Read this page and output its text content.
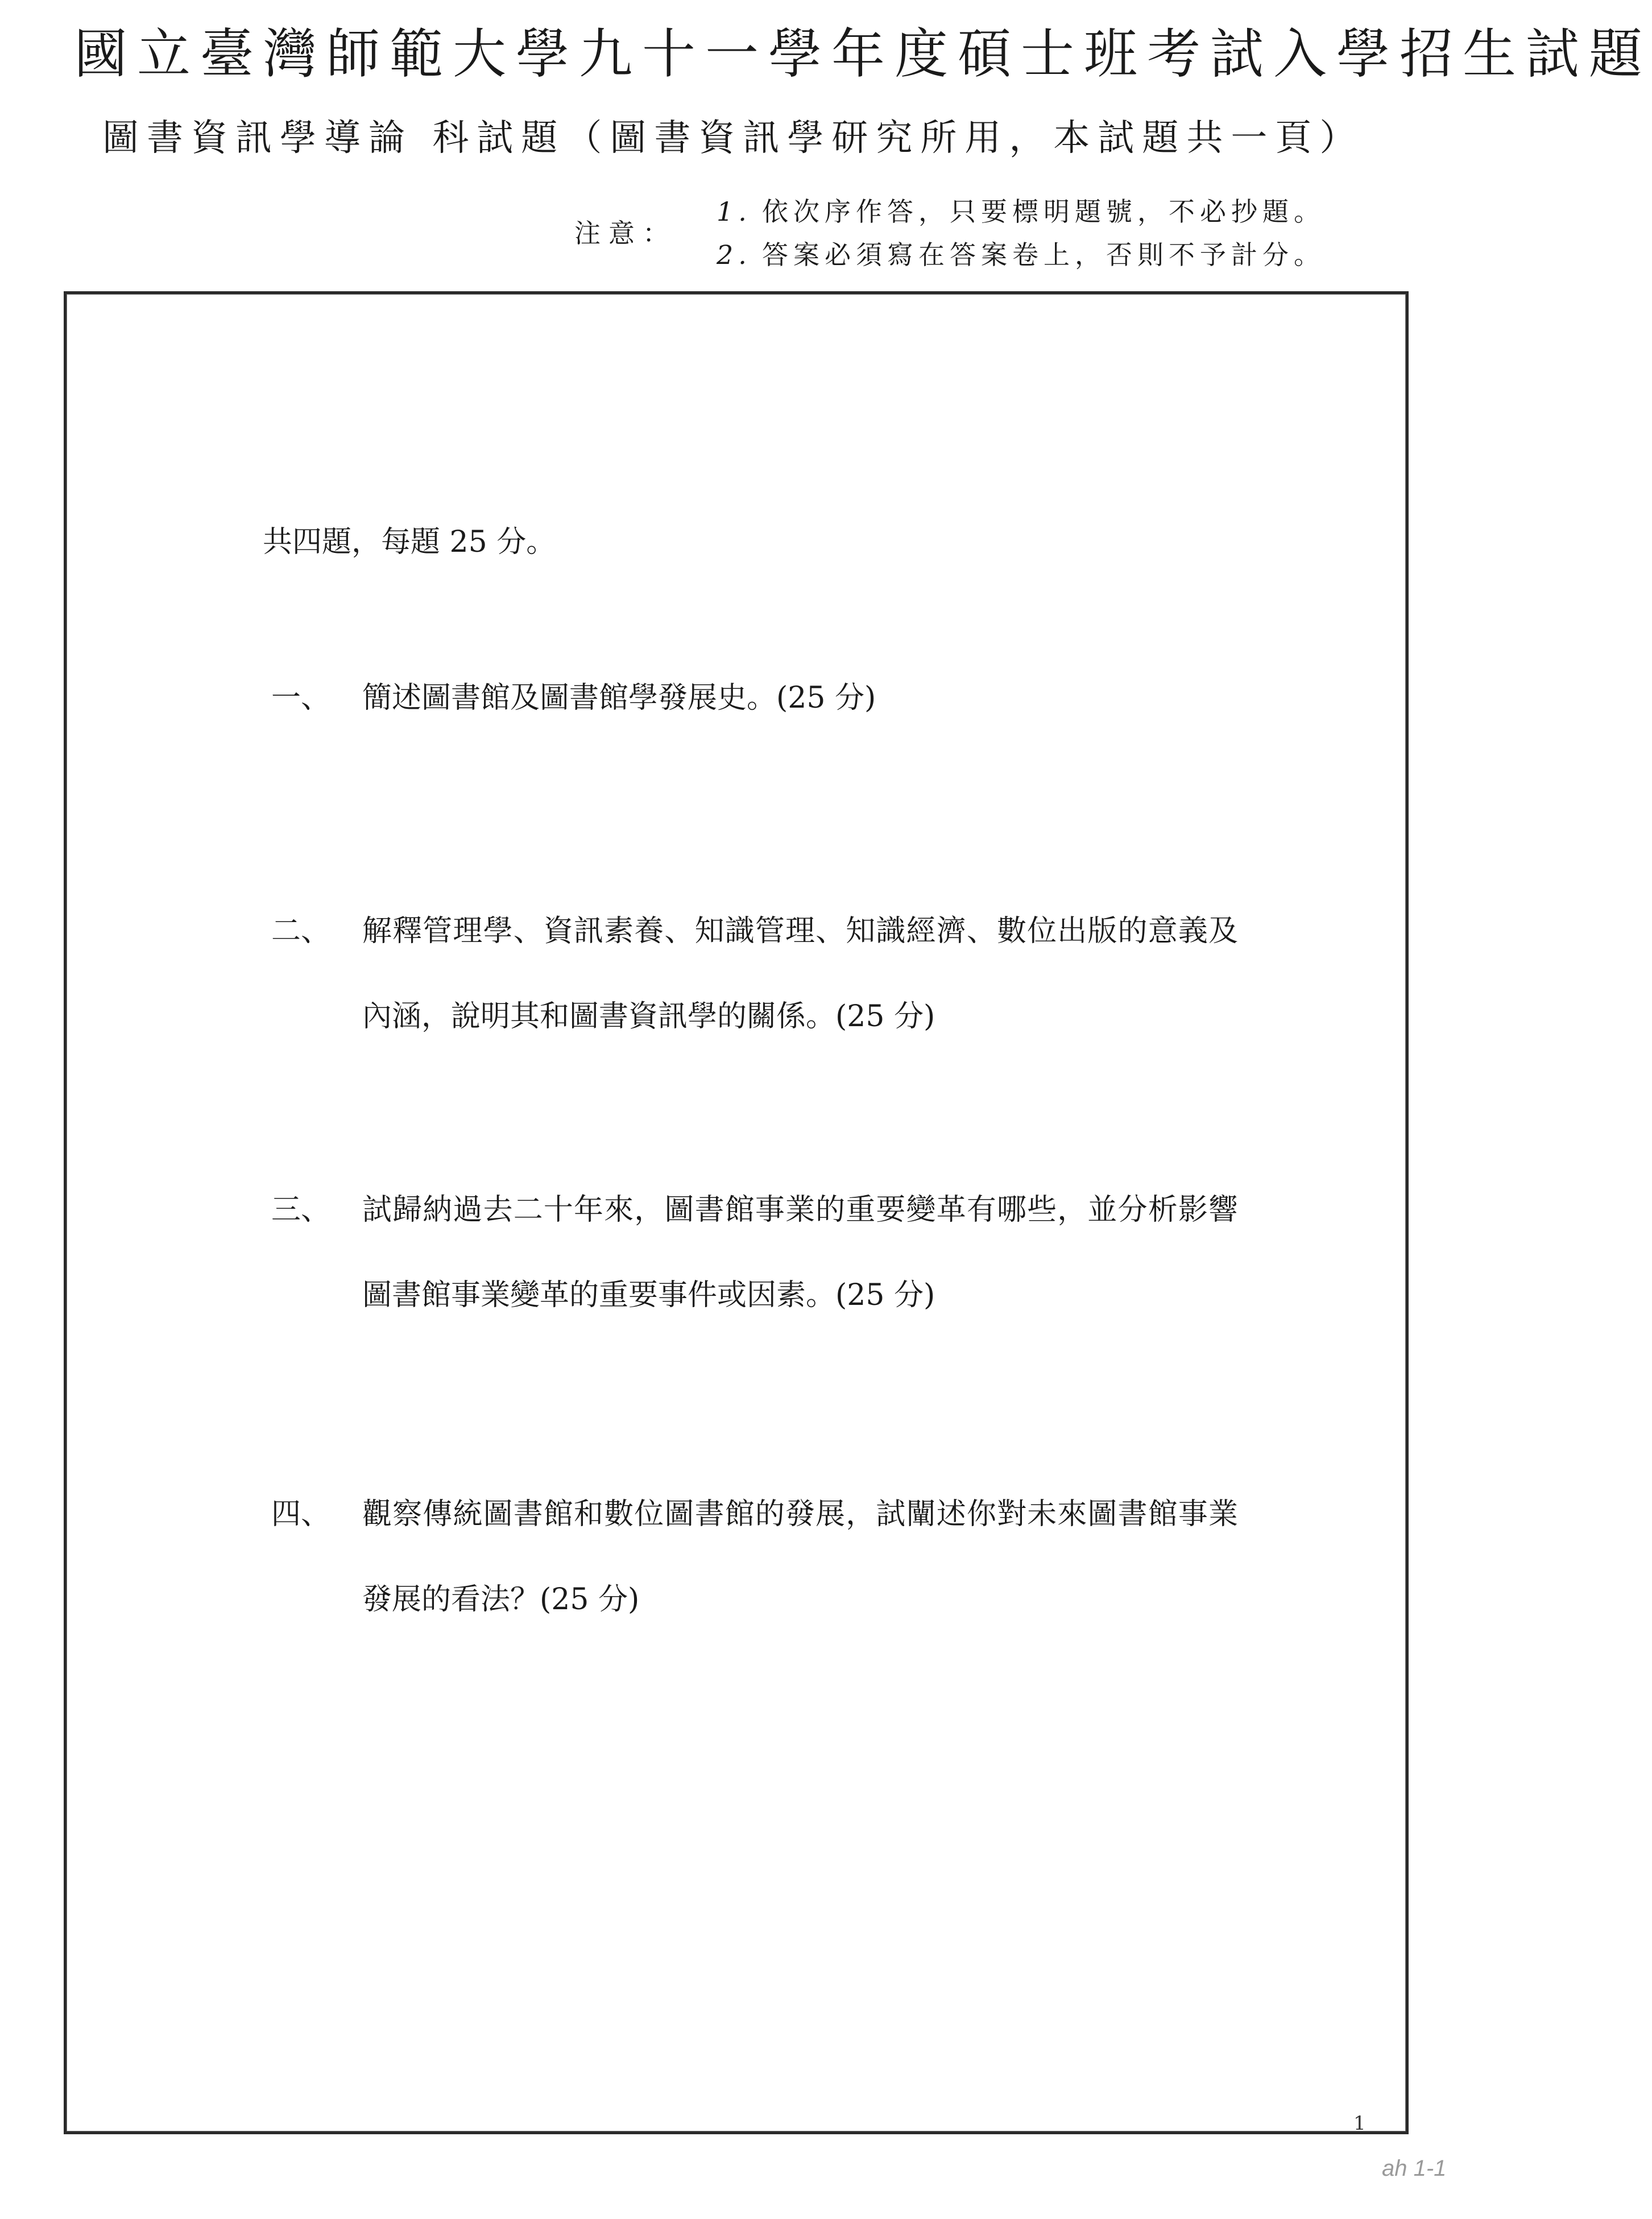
國立臺灣師範大學九十一學年度碩士班考試入學招生試題
圖書資訊學導論 科試題（圖書資訊學研究所用，本試題共一頁）
注意：
1. 依次序作答，只要標明題號，不必抄題。
2. 答案必須寫在答案卷上，否則不予計分。
共四題，每題 25 分。
一、 簡述圖書館及圖書館學發展史。(25 分)
二、 解釋管理學、資訊素養、知識管理、知識經濟、數位出版的意義及內涵，說明其和圖書資訊學的關係。(25 分)
三、 試歸納過去二十年來，圖書館事業的重要變革有哪些，並分析影響圖書館事業變革的重要事件或因素。(25 分)
四、 觀察傳統圖書館和數位圖書館的發展，試闡述你對未來圖書館事業發展的看法？(25 分)
1
ah 1-1
